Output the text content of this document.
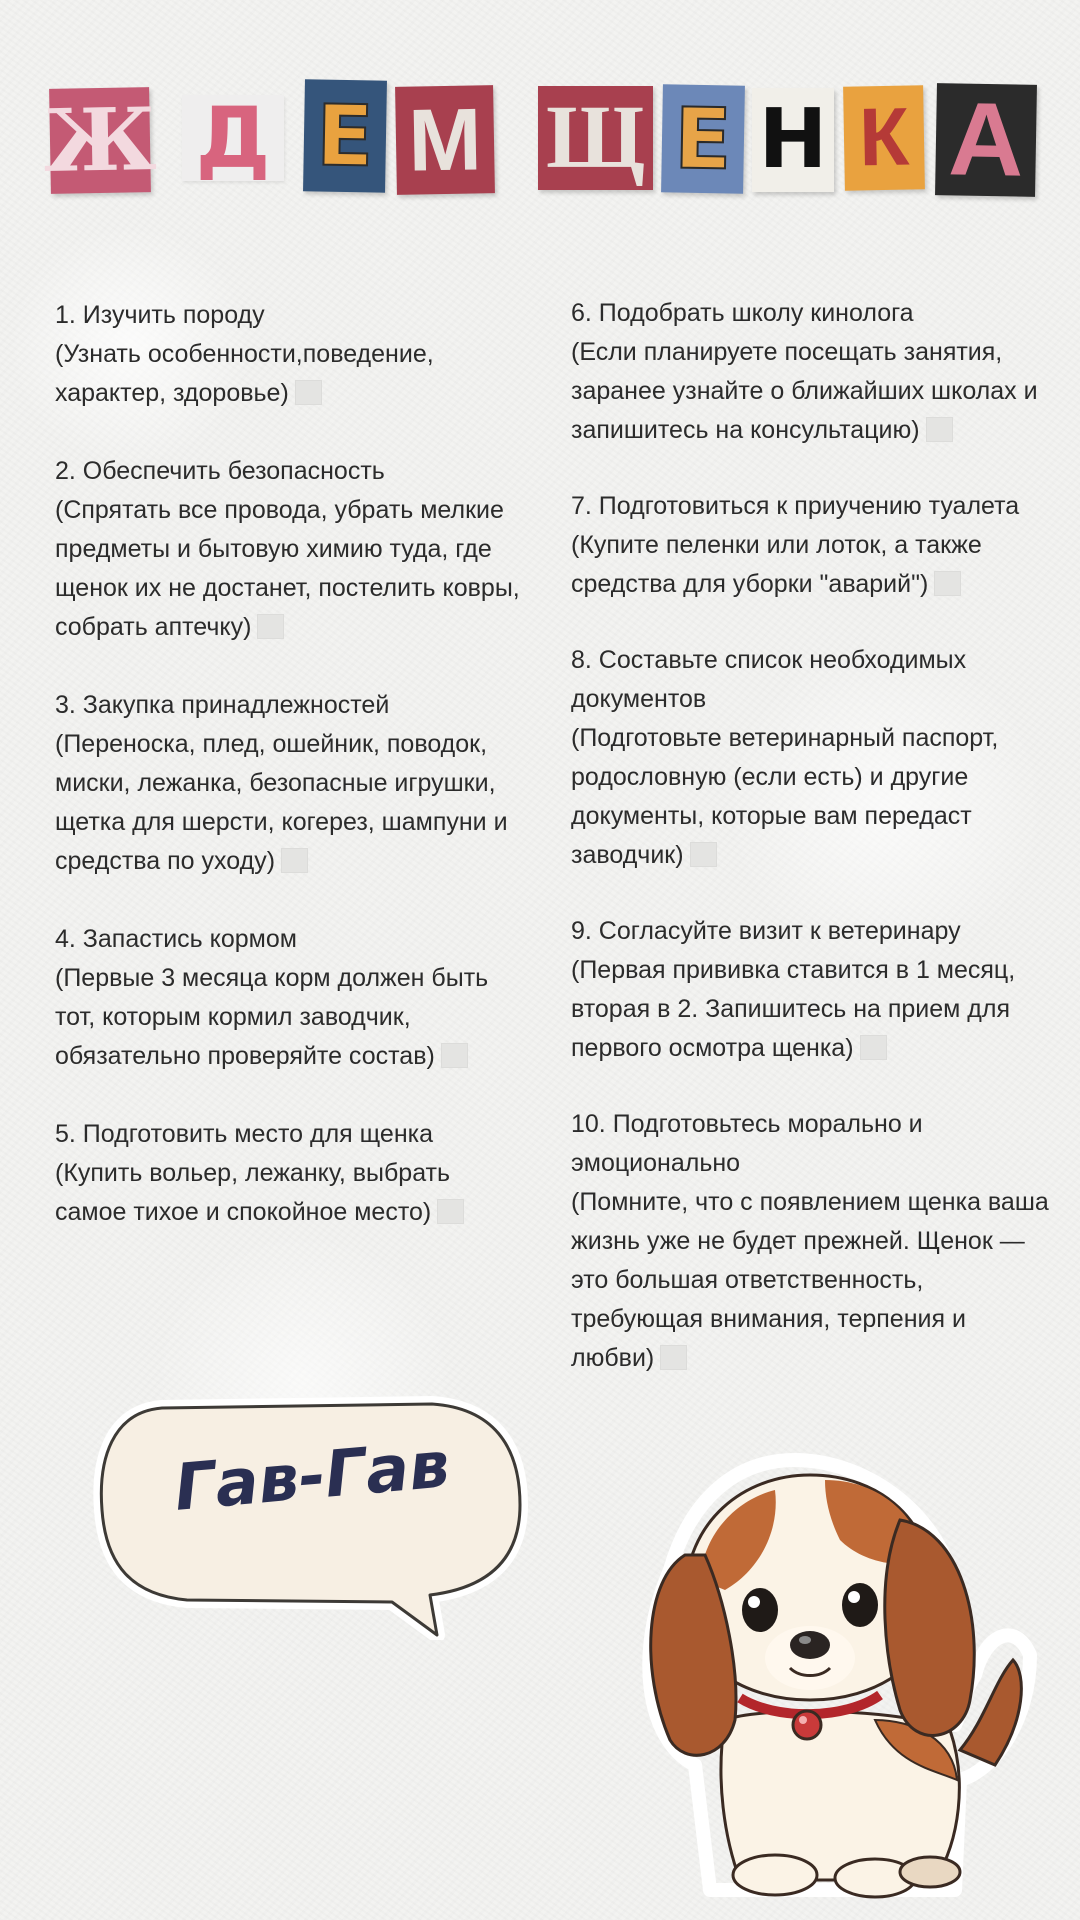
Ж Д Е М Щ Е Н К А
1. Изучить породу
(Узнать особенности,поведение, характер, здоровье)
2. Обеспечить безопасность
(Спрятать все провода, убрать мелкие предметы и бытовую химию туда, где щенок их не достанет, постелить ковры, собрать аптечку)
3. Закупка принадлежностей
(Переноска, плед, ошейник, поводок, миски, лежанка, безопасные игрушки, щетка для шерсти, когерез, шампуни и средства по уходу)
4. Запастись кормом
(Первые 3 месяца корм должен быть тот, которым кормил заводчик, обязательно проверяйте состав)
5. Подготовить место для щенка
(Купить вольер, лежанку, выбрать самое тихое и спокойное место)
6. Подобрать школу кинолога
(Если планируете посещать занятия, заранее узнайте о ближайших школах и запишитесь на консультацию)
7. Подготовиться к приучению туалета
(Купите пеленки или лоток, а также средства для уборки "аварий")
8. Составьте список необходимых документов
(Подготовьте ветеринарный паспорт, родословную (если есть) и другие документы, которые вам передаст заводчик)
9. Согласуйте визит к ветеринару
(Первая прививка ставится в 1 месяц, вторая в 2. Запишитесь на прием для первого осмотра щенка)
10. Подготовьтесь морально и эмоционально
(Помните, что с появлением щенка ваша жизнь уже не будет прежней. Щенок — это большая ответственность, требующая внимания, терпения и любви)
Гав-Гав
